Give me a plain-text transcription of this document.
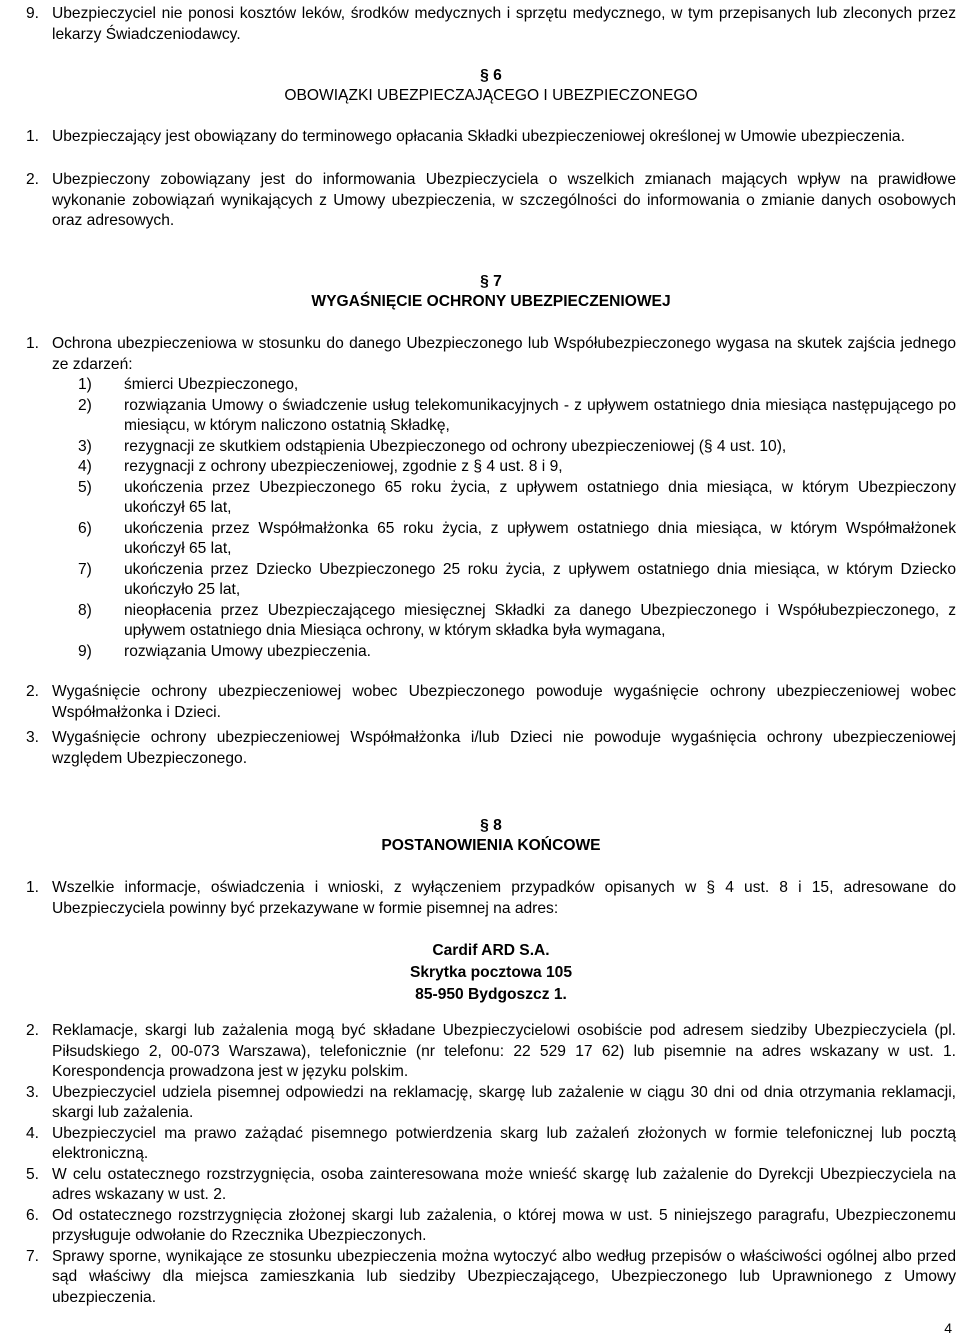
9. Ubezpieczyciel nie ponosi kosztów leków, środków medycznych i sprzętu medycznego, w tym przepisanych lub zleconych przez lekarzy Świadczeniodawcy.
§ 6
OBOWIĄZKI UBEZPIECZAJĄCEGO I UBEZPIECZONEGO
1. Ubezpieczający jest obowiązany do terminowego opłacania Składki ubezpieczeniowej określonej w Umowie ubezpieczenia.
2. Ubezpieczony zobowiązany jest do informowania Ubezpieczyciela o wszelkich zmianach mających wpływ na prawidłowe wykonanie zobowiązań wynikających z Umowy ubezpieczenia, w szczególności do informowania o zmianie danych osobowych oraz adresowych.
§ 7
WYGAŚNIĘCIE OCHRONY UBEZPIECZENIOWEJ
1. Ochrona ubezpieczeniowa w stosunku do danego Ubezpieczonego lub Współubezpieczonego wygasa na skutek zajścia jednego ze zdarzeń:
1) śmierci Ubezpieczonego,
2) rozwiązania Umowy o świadczenie usług telekomunikacyjnych - z upływem ostatniego dnia miesiąca następującego po miesiącu, w którym naliczono ostatnią Składkę,
3) rezygnacji ze skutkiem odstąpienia Ubezpieczonego od ochrony ubezpieczeniowej (§ 4 ust. 10),
4) rezygnacji z ochrony ubezpieczeniowej, zgodnie z § 4 ust. 8 i 9,
5) ukończenia przez Ubezpieczonego 65 roku życia, z upływem ostatniego dnia miesiąca, w którym Ubezpieczony ukończył 65 lat,
6) ukończenia przez Współmałżonka 65 roku życia, z upływem ostatniego dnia miesiąca, w którym Współmałżonek ukończył 65 lat,
7) ukończenia przez Dziecko Ubezpieczonego 25 roku życia, z upływem ostatniego dnia miesiąca, w którym Dziecko ukończyło 25 lat,
8) nieopłacenia przez Ubezpieczającego miesięcznej Składki za danego Ubezpieczonego i Współubezpieczonego, z upływem ostatniego dnia Miesiąca ochrony, w którym składka była wymagana,
9) rozwiązania Umowy ubezpieczenia.
2. Wygaśnięcie ochrony ubezpieczeniowej wobec Ubezpieczonego powoduje wygaśnięcie ochrony ubezpieczeniowej wobec Współmałżonka i Dzieci.
3. Wygaśnięcie ochrony ubezpieczeniowej Współmałżonka i/lub Dzieci nie powoduje wygaśnięcia ochrony ubezpieczeniowej względem Ubezpieczonego.
§ 8
POSTANOWIENIA KOŃCOWE
1. Wszelkie informacje, oświadczenia i wnioski, z wyłączeniem przypadków opisanych w § 4 ust. 8 i 15, adresowane do Ubezpieczyciela powinny być przekazywane w formie pisemnej na adres:
Cardif ARD S.A.
Skrytka pocztowa 105
85-950 Bydgoszcz 1.
2. Reklamacje, skargi lub zażalenia mogą być składane Ubezpieczycielowi osobiście pod adresem siedziby Ubezpieczyciela (pl. Piłsudskiego 2, 00-073 Warszawa), telefonicznie (nr telefonu: 22 529 17 62) lub pisemnie na adres wskazany w ust. 1. Korespondencja prowadzona jest w języku polskim.
3. Ubezpieczyciel udziela pisemnej odpowiedzi na reklamację, skargę lub zażalenie w ciągu 30 dni od dnia otrzymania reklamacji, skargi lub zażalenia.
4. Ubezpieczyciel ma prawo zażądać pisemnego potwierdzenia skarg lub zażaleń złożonych w formie telefonicznej lub pocztą elektroniczną.
5. W celu ostatecznego rozstrzygnięcia, osoba zainteresowana może wnieść skargę lub zażalenie do Dyrekcji Ubezpieczyciela na adres wskazany w ust. 2.
6. Od ostatecznego rozstrzygnięcia złożonej skargi lub zażalenia, o której mowa w ust. 5 niniejszego paragrafu, Ubezpieczonemu przysługuje odwołanie do Rzecznika Ubezpieczonych.
7. Sprawy sporne, wynikające ze stosunku ubezpieczenia można wytoczyć albo według przepisów o właściwości ogólnej albo przed sąd właściwy dla miejsca zamieszkania lub siedziby Ubezpieczającego, Ubezpieczonego lub Uprawnionego z Umowy ubezpieczenia.
4
